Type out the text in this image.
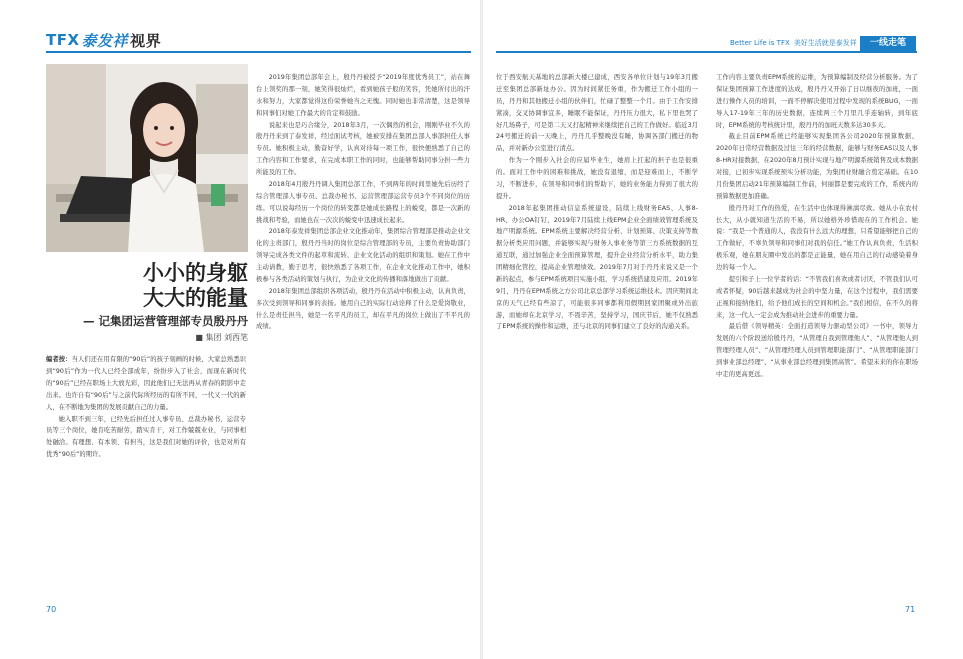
TFX 泰发祥 视界	Better Life is TFX 美好生活就是泰发祥	一线走笔
小小的身躯
大大的能量
— 记集团运营管理部专员殷丹丹
■ 集团 刘西笔
编者按：当人们还在用有限的“90后”的孩子刻画的时候，大家总熟悉识到“90后”作为一代人已经全部成年，纷纷步入了社会，而现在新时代的“90后”已经在职场上大放光彩，因此他们已无法再从青春的阴影中走出来。也许自有“90后”与之前代际所经历的有所不同，一代又一代的新人，在不断地为集团的发展贡献自己的力量。
她入职不到三年，已经先后担任过人事专员、总裁办秘书、运营专员等三个岗位，她肯吃苦耐劳，踏实肯干，对工作兢兢业业，与同事相处融洽。有理想、有本领、有担当，这是我们对她的评价，也是对所有优秀“90后”的期许。

2019年集团总部年会上，殷丹丹被授予“2019年度优秀员工”，站在舞台上领奖的那一刻，她笑得很灿烂，看到她孩子般的笑容，凭她所付出的汗水和努力，大家都觉得这份荣誉她当之无愧。同时她也非常清楚，这是领导和同事们对她工作最大的肯定和鼓励。

说起来也是巧合缘分，2018年3月，一次偶然的机会，刚刚毕业不久的殷丹丹来到了泰发祥，经过面试考核，她被安排在集团总部人事部担任人事专员。她积极主动，勤奋好学，认真对待每一项工作，很快便熟悉了自己的工作内容和工作要求，在完成本职工作的同时，也能够帮助同事分担一些力所能及的工作。

2018年4月殷丹丹调入集团总部工作，不到两年的时间里她先后历经了综合管理部人事专员、总裁办秘书、运营管理部运营专员3个不同岗位的历练。可以说每经历一个岗位的转变都是她成长路程上的蜕变，都是一次新的挑战和考验，而她也在一次次的蜕变中迅速成长起来。

2018年泰发祥集团总部企业文化推动年，集团综合管理部是推动企业文化的主责部门，殷丹丹当时的岗位是综合管理部的专员，主要负责协助部门领导完成各类文件的起草和流转、企业文化活动的组织和策划。她在工作中主动请教，勤于思考，很快熟悉了各项工作，在企业文化推动工作中，她积极参与各类活动的策划与执行，为企业文化的传播和落地做出了贡献。

2018年集团总部组织各项活动，殷丹丹在活动中积极主动，认真负责，多次受到领导和同事的表扬。她用自己的实际行动诠释了什么是爱岗敬业，什么是责任担当，她是一名平凡的员工，却在平凡的岗位上做出了不平凡的成绩。

位于西安航天基地的总部新大楼已建成，西安各单位计划与19年3月搬迁至集团总部新址办公。因为时间紧任务重，作为搬迁工作小组的一员，丹丹和其他搬迁小组的伙伴们，忙碌了整整一个月。由于工作安排紧凑，交叉协调事宜多，睡眠不能保证，丹丹压力很大，私下里也哭了好几场鼻子，可是第二天又打起精神来继续把自己的工作做好。临近3月24号搬迁的前一天晚上，丹丹几乎整晚没有睡，协调各部门搬迁的物品，并对新办公室进行清点。

作为一个刚步入社会的应届毕业生，她肩上扛起的担子也是很重的。面对工作中的困难和挑战，她没有退缩，而是迎难而上，不断学习，不断进步，在领导和同事们的帮助下，她的业务能力得到了很大的提升。

2018年起集团推动信息系统建设，陆续上线财务EAS、人事8-HR、办公OA钉钉、2019年7月陆续上线EPM企业全面绩效管理系统及地产明源系统。EPM系统主要解决经营分析、计划预算、决策支持等数据分析类应用问题，并能够实现与财务人事业务等第三方系统数据的互通互联，通过加强企业全面预算管理，提升企业经营分析水平，助力集团精细化管控，提高企业管理绩效。2019年7月对于丹丹来说又是一个新的起点，参与EPM系统项目实施小组，学习系统搭建及应用。2019年9月，丹丹在EPM系统之方公司北京总部学习系统运维技术。因庆期间北京的天气已经有些凉了，可能很多同事都利用假期回家团聚或外出旅游，而她却在北京学习，不畏辛苦，坚持学习，国庆节后，她不仅熟悉了EPM系统的操作和运维，还与北京的同事们建立了良好的沟通关系。

工作内容主要负责EPM系统的运维，为预算编制及经营分析服务。为了保证集团预算工作进度的达成，殷丹丹又开始了日以继夜的加班，一面进行操作人员的培训，一面不停解决使用过程中发现的系统BUG，一面导入17-19年三年的历史数据，连续两三个月里几乎连轴转，到年底时，EPM系统的考核统计里，殷丹丹的加班天数多达30多天。

截止目前EPM系统已经能够实现集团各公司2020年预算数据、2020年日常经营数据及过往三年的经营数据，能够与财务EAS以及人事8-HR对接数据，在2020年8月预计实现与地产明源系统销售及成本数据对接，已初步实现系统预实分析功能，为集团业财融合奠定基础。在10月份集团启动21年预算编制工作前，何丽都是要完成的工作，系统内的预算数据更加准确。

殷丹丹对工作的热爱，在生活中也体现得淋漓尽致。她从小在农村长大，从小就知道生活的不易，所以她格外珍惜现在的工作机会。她说：“我是一个普通的人，我没有什么远大的理想，只希望能够把自己的工作做好，不辜负领导和同事们对我的信任。”她工作认真负责，生活积极乐观，她在朋友圈中发出的都是正能量，她在用自己的行动感染着身边的每一个人。

提引和子上一位学者的话：“不管我们喜欢或者讨厌，不管我们认可或者怀疑，90后越来越成为社会的中坚力量，在这个过程中，我们需要正视和接纳他们，给予他们成长的空间和机会。”我们相信，在不久的将来，这一代人一定会成为推动社会进步的重要力量。

最后借《领导精英：全面打造领导力驱动型公司》一书中，领导力发展的六个阶段送给殷丹丹，“从管理自我到管理他人”、“从管理他人到管理经理人员”、“从管理经理人员到管理职能部门”、“从管理职能部门到事业部总经理”、“从事业部总经理到集团高管”。希望未来的你在职场中走的更高更远。

70	71
